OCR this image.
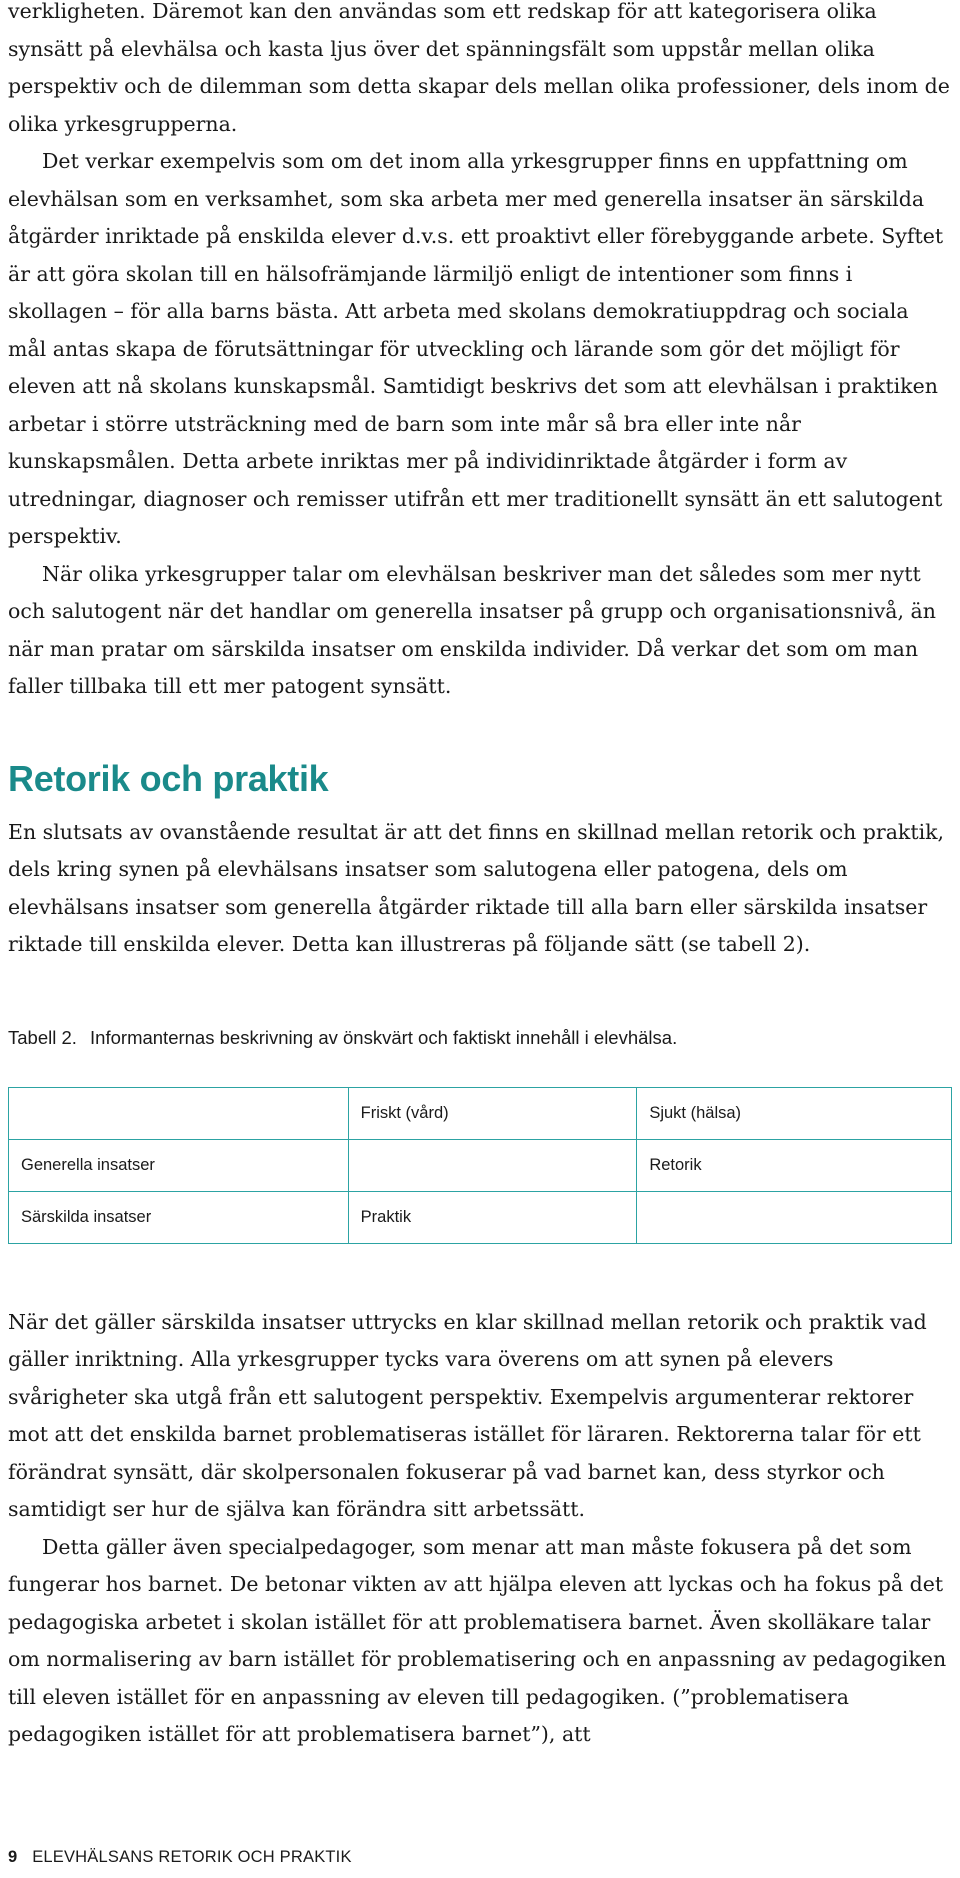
verkligheten. Däremot kan den användas som ett redskap för att kategorisera olika synsätt på elevhälsa och kasta ljus över det spänningsfält som uppstår mellan olika perspektiv och de dilemman som detta skapar dels mellan olika professioner, dels inom de olika yrkesgrupperna.

Det verkar exempelvis som om det inom alla yrkesgrupper finns en uppfattning om elevhälsan som en verksamhet, som ska arbeta mer med generella insatser än särskilda åtgärder inriktade på enskilda elever d.v.s. ett proaktivt eller förebyggande arbete. Syftet är att göra skolan till en hälsofrämjande lärmiljö enligt de intentioner som finns i skollagen – för alla barns bästa. Att arbeta med skolans demokratiuppdrag och sociala mål antas skapa de förutsättningar för utveckling och lärande som gör det möjligt för eleven att nå skolans kunskapsmål. Samtidigt beskrivs det som att elevhälsan i praktiken arbetar i större utsträckning med de barn som inte mår så bra eller inte når kunskapsmålen. Detta arbete inriktas mer på individinriktade åtgärder i form av utredningar, diagnoser och remisser utifrån ett mer traditionellt synsätt än ett salutogent perspektiv.

När olika yrkesgrupper talar om elevhälsan beskriver man det således som mer nytt och salutogent när det handlar om generella insatser på grupp och organisationsnivå, än när man pratar om särskilda insatser om enskilda individer. Då verkar det som om man faller tillbaka till ett mer patogent synsätt.

Retorik och praktik

En slutsats av ovanstående resultat är att det finns en skillnad mellan retorik och praktik, dels kring synen på elevhälsans insatser som salutogena eller patogena, dels om elevhälsans insatser som generella åtgärder riktade till alla barn eller särskilda insatser riktade till enskilda elever. Detta kan illustreras på följande sätt (se tabell 2).

Tabell 2. Informanternas beskrivning av önskvärt och faktiskt innehåll i elevhälsa.
	Friskt (vård)	Sjukt (hälsa)
Generella insatser		Retorik
Särskilda insatser	Praktik	

När det gäller särskilda insatser uttrycks en klar skillnad mellan retorik och praktik vad gäller inriktning. Alla yrkesgrupper tycks vara överens om att synen på elevers svårigheter ska utgå från ett salutogent perspektiv. Exempelvis argumenterar rektorer mot att det enskilda barnet problematiseras istället för läraren. Rektorerna talar för ett förändrat synsätt, där skolpersonalen fokuserar på vad barnet kan, dess styrkor och samtidigt ser hur de själva kan förändra sitt arbetssätt.

Detta gäller även specialpedagoger, som menar att man måste fokusera på det som fungerar hos barnet. De betonar vikten av att hjälpa eleven att lyckas och ha fokus på det pedagogiska arbetet i skolan istället för att problematisera barnet. Även skolläkare talar om normalisering av barn istället för problematisering och en anpassning av pedagogiken till eleven istället för en anpassning av eleven till pedagogiken. (”problematisera pedagogiken istället för att problematisera barnet”), att

9 ELEVHÄLSANS RETORIK OCH PRAKTIK
